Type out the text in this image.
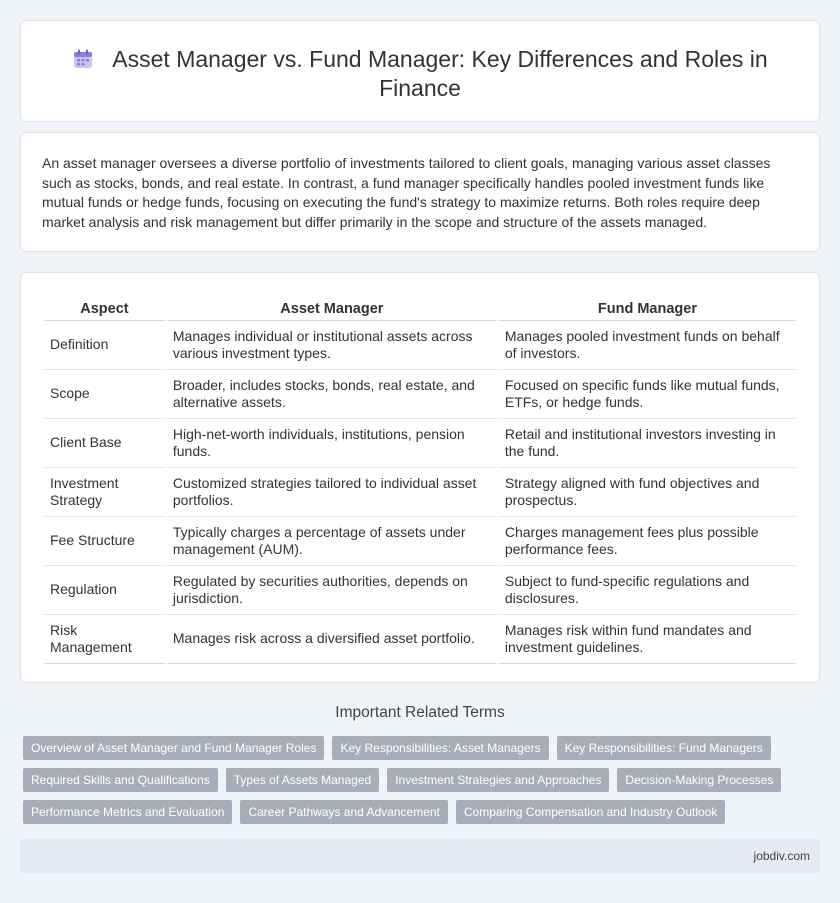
Asset Manager vs. Fund Manager: Key Differences and Roles in Finance

An asset manager oversees a diverse portfolio of investments tailored to client goals, managing various asset classes such as stocks, bonds, and real estate. In contrast, a fund manager specifically handles pooled investment funds like mutual funds or hedge funds, focusing on executing the fund's strategy to maximize returns. Both roles require deep market analysis and risk management but differ primarily in the scope and structure of the assets managed.

Aspect	Asset Manager	Fund Manager
Definition	Manages individual or institutional assets across various investment types.	Manages pooled investment funds on behalf of investors.
Scope	Broader, includes stocks, bonds, real estate, and alternative assets.	Focused on specific funds like mutual funds, ETFs, or hedge funds.
Client Base	High-net-worth individuals, institutions, pension funds.	Retail and institutional investors investing in the fund.
Investment Strategy	Customized strategies tailored to individual asset portfolios.	Strategy aligned with fund objectives and prospectus.
Fee Structure	Typically charges a percentage of assets under management (AUM).	Charges management fees plus possible performance fees.
Regulation	Regulated by securities authorities, depends on jurisdiction.	Subject to fund-specific regulations and disclosures.
Risk Management	Manages risk across a diversified asset portfolio.	Manages risk within fund mandates and investment guidelines.
Important Related Terms
Overview of Asset Manager and Fund Manager Roles	Key Responsibilities: Asset Managers	Key Responsibilities: Fund Managers
Required Skills and Qualifications	Types of Assets Managed	Investment Strategies and Approaches	Decision-Making Processes
Performance Metrics and Evaluation	Career Pathways and Advancement	Comparing Compensation and Industry Outlook
jobdiv.com
